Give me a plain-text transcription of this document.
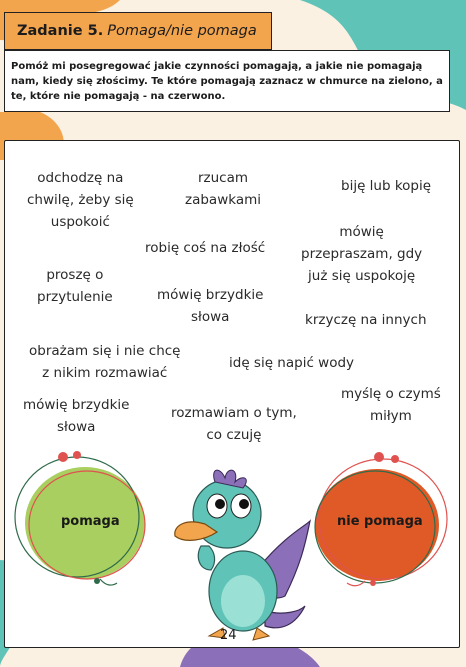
Zadanie 5. Pomaga/nie pomaga
Pomóż mi posegregować jakie czynności pomagają, a jakie nie pomagają
nam, kiedy się złościmy. Te które pomagają zaznacz w chmurce na zielono, a
te, które nie pomagają - na czerwono.
odchodzę na
chwilę, żeby się
uspokoić
rzucam
zabawkami
biję lub kopię
robię coś na złość
mówię
przepraszam, gdy
już się uspokoję
proszę o
przytulenie	mówię brzydkie
słowa	krzyczę na innych
obrażam się i nie chcę
z nikim rozmawiać
idę się napić wody
mówię brzydkie
słowa
rozmawiam o tym,
co czuję
myślę o czymś
miłym
pomaga	nie pomaga
24
